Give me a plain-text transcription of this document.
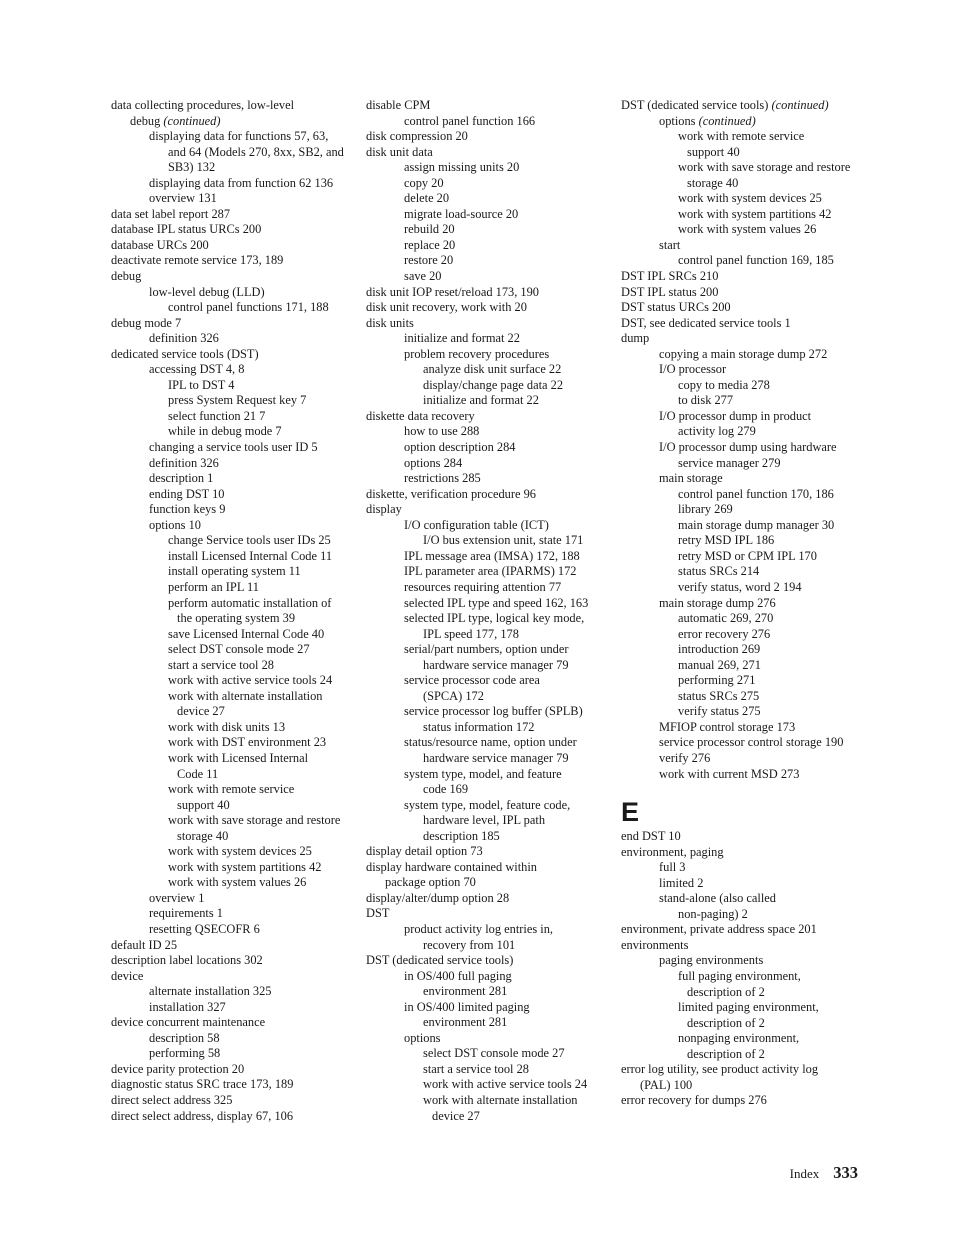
data collecting procedures, low-level
debug (continued)
displaying data for functions 57, 63,
and 64 (Models 270, 8xx, SB2, and
SB3) 132
displaying data from function 62 136
overview 131
data set label report 287
database IPL status URCs 200
database URCs 200
deactivate remote service 173, 189
debug
low-level debug (LLD)
control panel functions 171, 188
debug mode 7
definition 326
dedicated service tools (DST)
accessing DST 4, 8
IPL to DST 4
press System Request key 7
select function 21 7
while in debug mode 7
changing a service tools user ID 5
definition 326
description 1
ending DST 10
function keys 9
options 10
change Service tools user IDs 25
install Licensed Internal Code 11
install operating system 11
perform an IPL 11
perform automatic installation of
the operating system 39
save Licensed Internal Code 40
select DST console mode 27
start a service tool 28
work with active service tools 24
work with alternate installation
device 27
work with disk units 13
work with DST environment 23
work with Licensed Internal
Code 11
work with remote service
support 40
work with save storage and restore
storage 40
work with system devices 25
work with system partitions 42
work with system values 26
overview 1
requirements 1
resetting QSECOFR 6
default ID 25
description label locations 302
device
alternate installation 325
installation 327
device concurrent maintenance
description 58
performing 58
device parity protection 20
diagnostic status SRC trace 173, 189
direct select address 325
direct select address, display 67, 106
disable CPM
control panel function 166
disk compression 20
disk unit data
assign missing units 20
copy 20
delete 20
migrate load-source 20
rebuild 20
replace 20
restore 20
save 20
disk unit IOP reset/reload 173, 190
disk unit recovery, work with 20
disk units
initialize and format 22
problem recovery procedures
analyze disk unit surface 22
display/change page data 22
initialize and format 22
diskette data recovery
how to use 288
option description 284
options 284
restrictions 285
diskette, verification procedure 96
display
I/O configuration table (ICT)
I/O bus extension unit, state 171
IPL message area (IMSA) 172, 188
IPL parameter area (IPARMS) 172
resources requiring attention 77
selected IPL type and speed 162, 163
selected IPL type, logical key mode,
IPL speed 177, 178
serial/part numbers, option under
hardware service manager 79
service processor code area
(SPCA) 172
service processor log buffer (SPLB)
status information 172
status/resource name, option under
hardware service manager 79
system type, model, and feature
code 169
system type, model, feature code,
hardware level, IPL path
description 185
display detail option 73
display hardware contained within
package option 70
display/alter/dump option 28
DST
product activity log entries in,
recovery from 101
DST (dedicated service tools)
in OS/400 full paging
environment 281
in OS/400 limited paging
environment 281
options
select DST console mode 27
start a service tool 28
work with active service tools 24
work with alternate installation
device 27
DST (dedicated service tools) (continued)
options (continued)
work with remote service
support 40
work with save storage and restore
storage 40
work with system devices 25
work with system partitions 42
work with system values 26
start
control panel function 169, 185
DST IPL SRCs 210
DST IPL status 200
DST status URCs 200
DST, see dedicated service tools 1
dump
copying a main storage dump 272
I/O processor
copy to media 278
to disk 277
I/O processor dump in product
activity log 279
I/O processor dump using hardware
service manager 279
main storage
control panel function 170, 186
library 269
main storage dump manager 30
retry MSD IPL 186
retry MSD or CPM IPL 170
status SRCs 214
verify status, word 2 194
main storage dump 276
automatic 269, 270
error recovery 276
introduction 269
manual 269, 271
performing 271
status SRCs 275
verify status 275
MFIOP control storage 173
service processor control storage 190
verify 276
work with current MSD 273
E
end DST 10
environment, paging
full 3
limited 2
stand-alone (also called
non-paging) 2
environment, private address space 201
environments
paging environments
full paging environment,
description of 2
limited paging environment,
description of 2
nonpaging environment,
description of 2
error log utility, see product activity log
(PAL) 100
error recovery for dumps 276
Index 333
